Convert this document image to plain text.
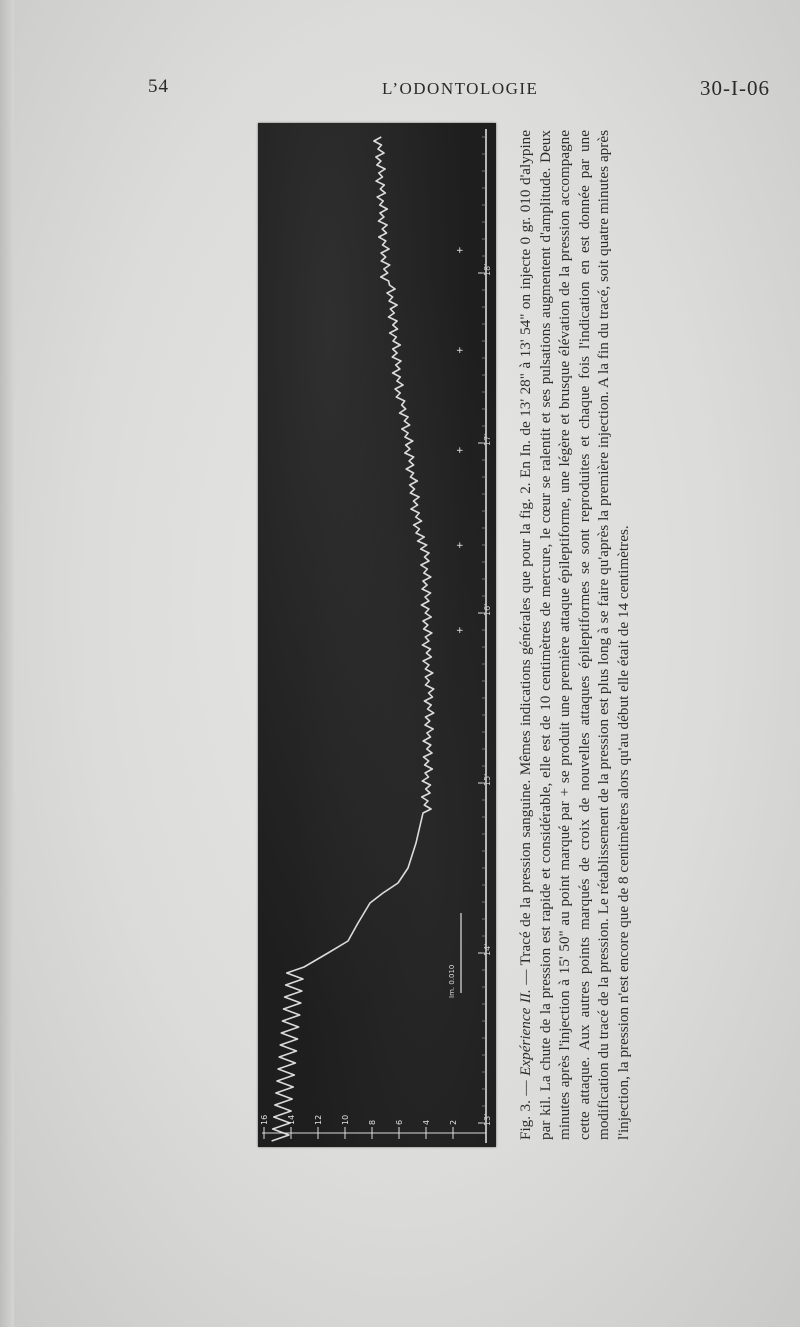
54	L’ODONTOLOGIE	30-I-06
16 14 12 10 8 6 4 2	13'
14'
15'
16'
17'
18'
Im. 0.010
+
+
+
+
+

Fig. 3. — Expérience II. — Tracé de la pression sanguine. Mêmes indications générales que pour la fig. 2. En In. de 13' 28" à 13' 54" on injecte 0 gr. 010 d'alypine par kil. La chute de la pression est rapide et considérable, elle est de 10 centimètres de mercure, le cœur se ralentit et ses pulsations augmentent d'amplitude. Deux minutes après l'injection à 15' 50" au point marqué par + se produit une première attaque épileptiforme, une légère et brusque élévation de la pression accompagne cette attaque. Aux autres points marqués de croix de nouvelles attaques épileptiformes se sont reproduites et chaque fois l'indication en est donnée par une modification du tracé de la pression. Le rétablissement de la pression est plus long à se faire qu'après la première injection. A la fin du tracé, soit quatre minutes après l'injection, la pression n'est encore que de 8 centimètres alors qu'au début elle était de 14 centimètres.
